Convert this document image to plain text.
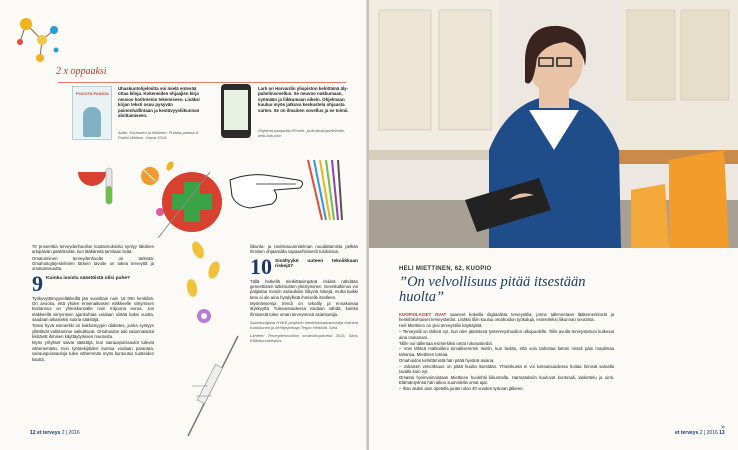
2 x oppaaksi
PUDOTA PAINOA
Uhaskuntohjelmitta voi mielä entevää ottaa kiloja. Kokeneiden ohjaajien kirja neuvoo kotitreenin tekemiseen. Lisäksi kirjan teksti osuu pysyvän painonhallintaan ja kestävyysliikunnan aloittamiseen.
Aalto, Korhonen ja Niininen: Pudota painoa & Painki Weikon. Otava 2015.
Lark on Harvardin yliopiston kehittämä älypuhelinsovellus. Se neuvoo nukkumaan, syömään ja liikkumaan oikein. Ohjelmaan kuuluu myös jatkuva keskustelu ohjausta varten. Se on ilmainen sovellus ja se toimii.
Ohjelma saatavilla iPhone- ja Android-puhelimiin, web.lark.com

70 prosenttia terveydenhuollon kustannuksista syntyy läkärien arkipäivän päätöksistä, kun lääkäreitä tarvitaan lisää.

Omatoiminen terveydenhuolto on tärkeää. Omahoitojärjestelmien tärkein tavoite on tukea terveyttä ja omatoimisuutta.

9 Kuinka isoista säästöistä olisi puhe?

Työkyvyttömyyseläkkeillä jää vuosittain noin 18 000 henkilöä. On arvioitu, että yhden ennenaikaisen eläkkeelle siirtymisen kustannus on yhteiskunnalle noin miljoona euroa. Jos eläkkeellä siirtymisen ajankohtaa voidaan siirtää kaksi vuotta, saadaan aikaiseksi suuria säästöjä.

Totesi hyvä esimerkki on kakkostyypin diabetes, jonka syntyyn yllättävät valintamme vaikuttavat. Omahoidon tuki satunnaisista kiistävät ihmisen käyttäytymisen muutosta.

Myös yritykset saivat säästöjä, kun sairauspoissaolot tulevat vähenemään. Kun työntekijöiden kuntoa voidaan parantaa, sairauspoissaoloja tulee vähemmän myös kuntoutus tuotteiden kautta.

liikunta- ja ravintosuunnitelman noudattamista pelkän ihmisen ohjaamalla vapaaehtoisesti tuloksissa.

10 Sisältyykö uuteen tekniikkaan riskejä?

Tällä hetkellä merkittävimpänä riskinä nähdään geneettisten tutkimusten yleistyminen. Geenitutkimus voi paljastaa moniin sairauksiin liittyviä riskejä, mutta kaikki tieto ei ole aina hyödyllistä ihmiselle itselleen.

Myönteisempi trendi on tekoäly ja ennakoivaa älykkyyttä. Tulevaisuudessa voidaan nähdä, kuinka ihmisestä tulee oman terveytensä asiantuntija.

Asiantuntijana HYKE-projektin kehittämisasiantuntija Katriina Kankkunen ja kehitysjohtaja Teppo Heikkilä, Sitra.

Lähteet: Terveydenhuollon omahoitopalvelut 2015, Sitra; Eläketurvakeskus.

12 et terveys 2 | 2016
HELI MIETTINEN, 62, KUOPIO
”On velvollisuus pitää itsestään huolta”

KUOPIOLAISET OVAT saaneet kokeilla digitaalista terveystilia, jonne tallennetaan lääkemerkinnät ja henkilökohtaiset terveystiedot. Lisäksi tiliin kuuluu omahoidon työkaluja, esimerkiksi liikunnan seuranta.

Heli Miettinen on yksi terveystilin käyttäjistä.

– Terveystili on tärkeä nyt, kun olen jäämässä työterveyshuollon ulkopuolelle. Tiilin avulla terveystietoni kulkevat aina mukanani.

Tilille voi tallentaa esimerkiksi omat rokotustiedot.

– Voin lähteä matkoilleni turvallisemmin mielin, kun tiedän, että voin tarkistaa tietoni missä päin maailmaa tahansa, Miettinen toteaa.

Omahoidon kehittämistä hän pitää hyvänä asiana.

– Jokaisen velvollisuus on pitää huolta itsestään. Yhteiskunta ei voi tulevaisuudessa hoitaa ihmisiä samalla tavalla kuin nyt.

Omasta hyvinvoinnistaan Miettinen huolehtii liikunnalla. Harrastuksiin kuuluvat kuntosali, laskettelu ja uinti. Elämäntyönsä hän aikoo suunnitella omat ajat.

– Ihan aluksi aion opetella jouten olon 40 vuoden työuran jälkeen.

et terveys 2 | 2016 13
»
